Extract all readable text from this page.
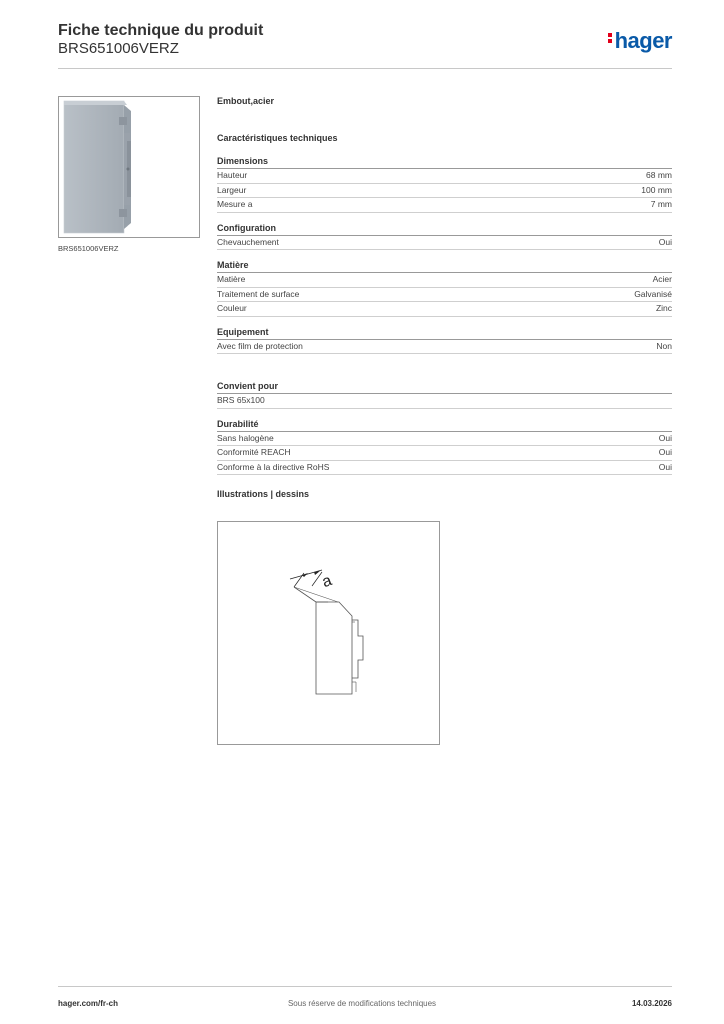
Fiche technique du produit
BRS651006VERZ	hager
BRS651006VERZ
Embout,acier
Caractéristiques techniques
Dimensions
Hauteur	68 mm
Largeur	100 mm
Mesure a	7 mm
Configuration
Chevauchement	Oui
Matière
Matière	Acier
Traitement de surface	Galvanisé
Couleur	Zinc
Equipement
Avec film de protection	Non
Convient pour
BRS 65x100
Durabilité
Sans halogène	Oui
Conformité REACH	Oui
Conforme à la directive RoHS	Oui
Illustrations | dessins
a
hager.com/fr-ch	Sous réserve de modifications techniques	14.03.2026
